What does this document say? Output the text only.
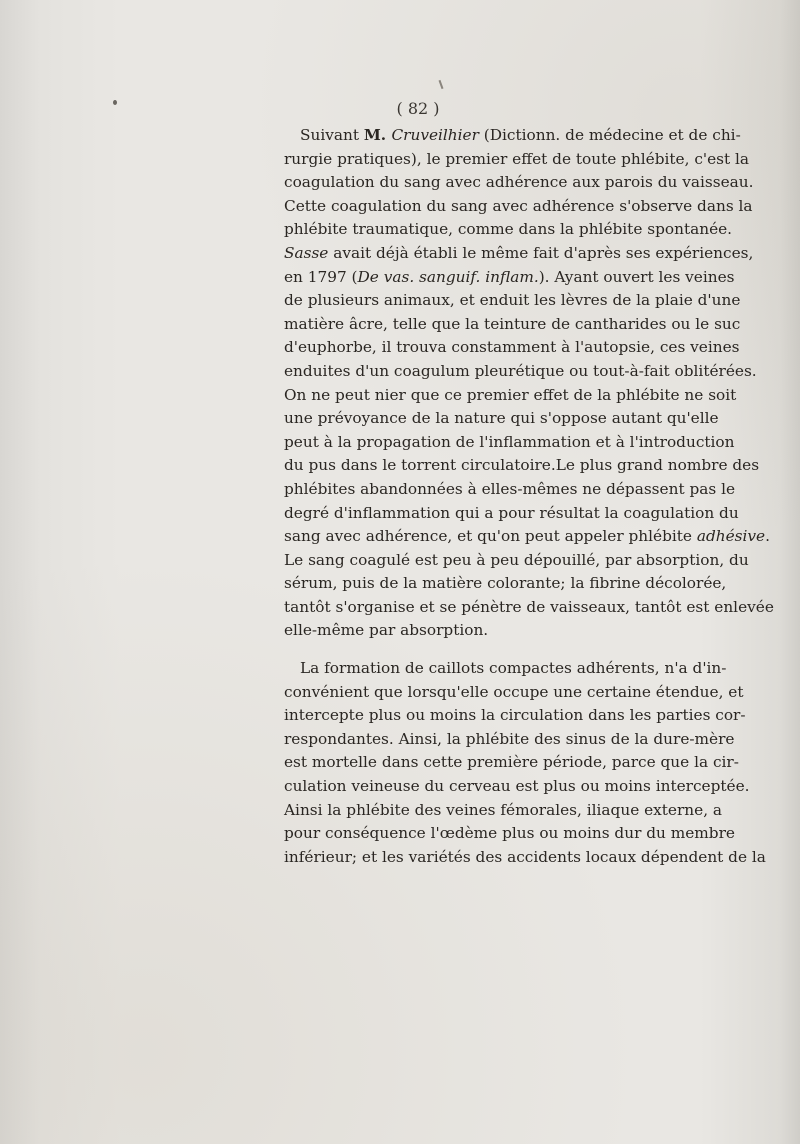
( 82 )
Suivant M. Cruveilhier (Dictionn. de médecine et de chi-
rurgie pratiques), le premier effet de toute phlébite, c'est la
coagulation du sang avec adhérence aux parois du vaisseau.
Cette coagulation du sang avec adhérence s'observe dans la
phlébite traumatique, comme dans la phlébite spontanée.
Sasse avait déjà établi le même fait d'après ses expériences,
en 1797 (De vas. sanguif. inflam.). Ayant ouvert les veines
de plusieurs animaux, et enduit les lèvres de la plaie d'une
matière âcre, telle que la teinture de cantharides ou le suc
d'euphorbe, il trouva constamment à l'autopsie, ces veines
enduites d'un coagulum pleurétique ou tout-à-fait oblitérées.
On ne peut nier que ce premier effet de la phlébite ne soit
une prévoyance de la nature qui s'oppose autant qu'elle
peut à la propagation de l'inflammation et à l'introduction
du pus dans le torrent circulatoire.Le plus grand nombre des
phlébites abandonnées à elles-mêmes ne dépassent pas le
degré d'inflammation qui a pour résultat la coagulation du
sang avec adhérence, et qu'on peut appeler phlébite adhésive.
Le sang coagulé est peu à peu dépouillé, par absorption, du
sérum, puis de la matière colorante; la fibrine décolorée,
tantôt s'organise et se pénètre de vaisseaux, tantôt est enlevée
elle-même par absorption.
La formation de caillots compactes adhérents, n'a d'in-
convénient que lorsqu'elle occupe une certaine étendue, et
intercepte plus ou moins la circulation dans les parties cor-
respondantes. Ainsi, la phlébite des sinus de la dure-mère
est mortelle dans cette première période, parce que la cir-
culation veineuse du cerveau est plus ou moins interceptée.
Ainsi la phlébite des veines fémorales, iliaque externe, a
pour conséquence l'œdème plus ou moins dur du membre
inférieur; et les variétés des accidents locaux dépendent de la
